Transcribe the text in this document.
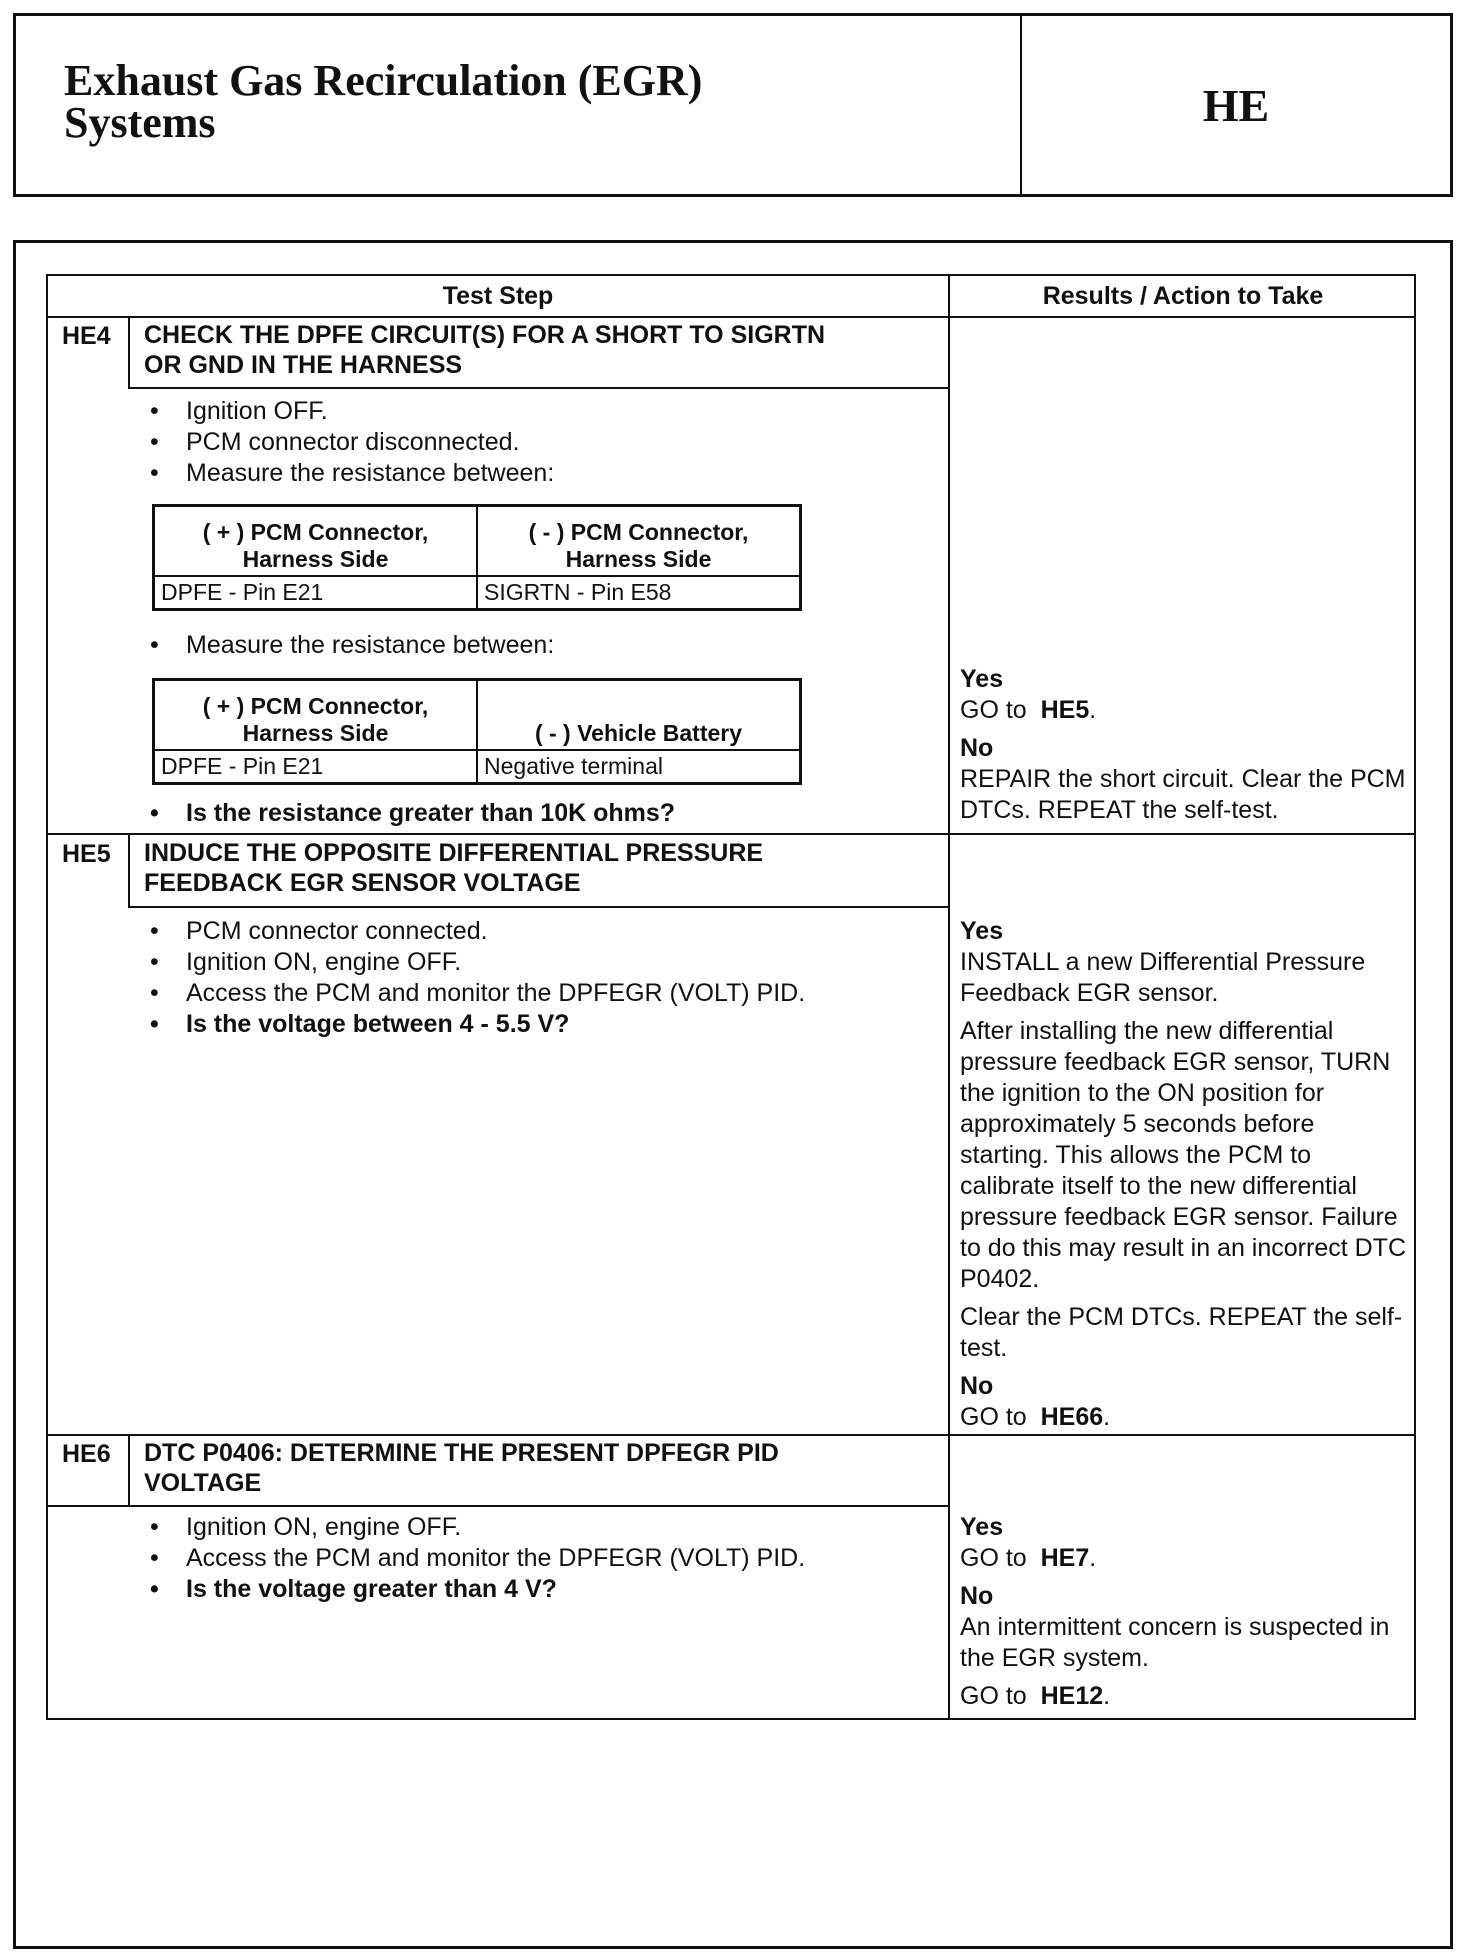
Exhaust Gas Recirculation (EGR)
Systems	HE
Test Step	Results / Action to Take
HE4 CHECK THE DPFE CIRCUIT(S) FOR A SHORT TO SIGRTN OR GND IN THE HARNESS
• Ignition OFF.
• PCM connector disconnected.
• Measure the resistance between:
( + ) PCM Connector, Harness Side	( - ) PCM Connector, Harness Side
DPFE - Pin E21	SIGRTN - Pin E58
• Measure the resistance between:
( + ) PCM Connector, Harness Side	( - ) Vehicle Battery
DPFE - Pin E21	Negative terminal
• Is the resistance greater than 10K ohms?

Yes
GO to HE5.

No
REPAIR the short circuit. Clear the PCM DTCs. REPEAT the self-test.

HE5 INDUCE THE OPPOSITE DIFFERENTIAL PRESSURE FEEDBACK EGR SENSOR VOLTAGE
• PCM connector connected.
• Ignition ON, engine OFF.
• Access the PCM and monitor the DPFEGR (VOLT) PID.
• Is the voltage between 4 - 5.5 V?

Yes
INSTALL a new Differential Pressure Feedback EGR sensor.

After installing the new differential pressure feedback EGR sensor, TURN the ignition to the ON position for approximately 5 seconds before starting. This allows the PCM to calibrate itself to the new differential pressure feedback EGR sensor. Failure to do this may result in an incorrect DTC P0402.

Clear the PCM DTCs. REPEAT the self-test.

No
GO to HE66.

HE6 DTC P0406: DETERMINE THE PRESENT DPFEGR PID VOLTAGE
• Ignition ON, engine OFF.
• Access the PCM and monitor the DPFEGR (VOLT) PID.
• Is the voltage greater than 4 V?

Yes
GO to HE7.

No
An intermittent concern is suspected in the EGR system.

GO to HE12.
